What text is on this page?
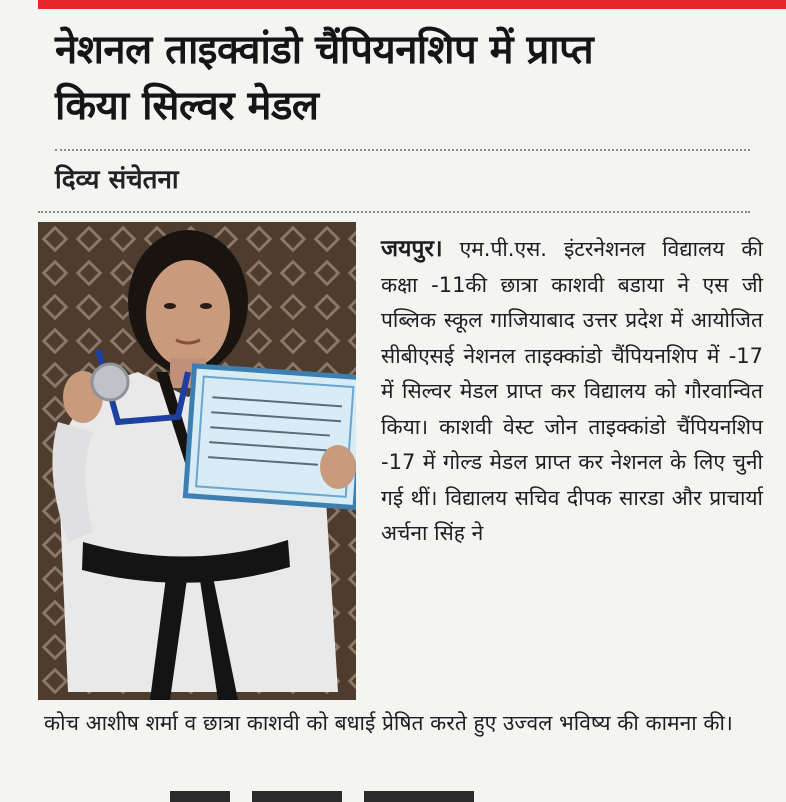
नेशनल ताइक्वांडो चैंपियनशिप में प्राप्त
किया सिल्वर मेडल
दिव्य संचेतना
जयपुर। एम.पी.एस. इंटरनेशनल विद्यालय की कक्षा -11की छात्रा काशवी बडाया ने एस जी पब्लिक स्कूल गाजियाबाद उत्तर प्रदेश में आयोजित सीबीएसई नेशनल ताइक्कांडो चैंपियनशिप में -17 में सिल्वर मेडल प्राप्त कर विद्यालय को गौरवान्वित किया। काशवी वेस्ट जोन ताइक्कांडो चैंपियनशिप -17 में गोल्ड मेडल प्राप्त कर नेशनल के लिए चुनी गई थीं। विद्यालय सचिव दीपक सारडा और प्राचार्या अर्चना सिंह ने
कोच आशीष शर्मा व छात्रा काशवी को बधाई प्रेषित करते हुए उज्वल भविष्य की कामना की।
